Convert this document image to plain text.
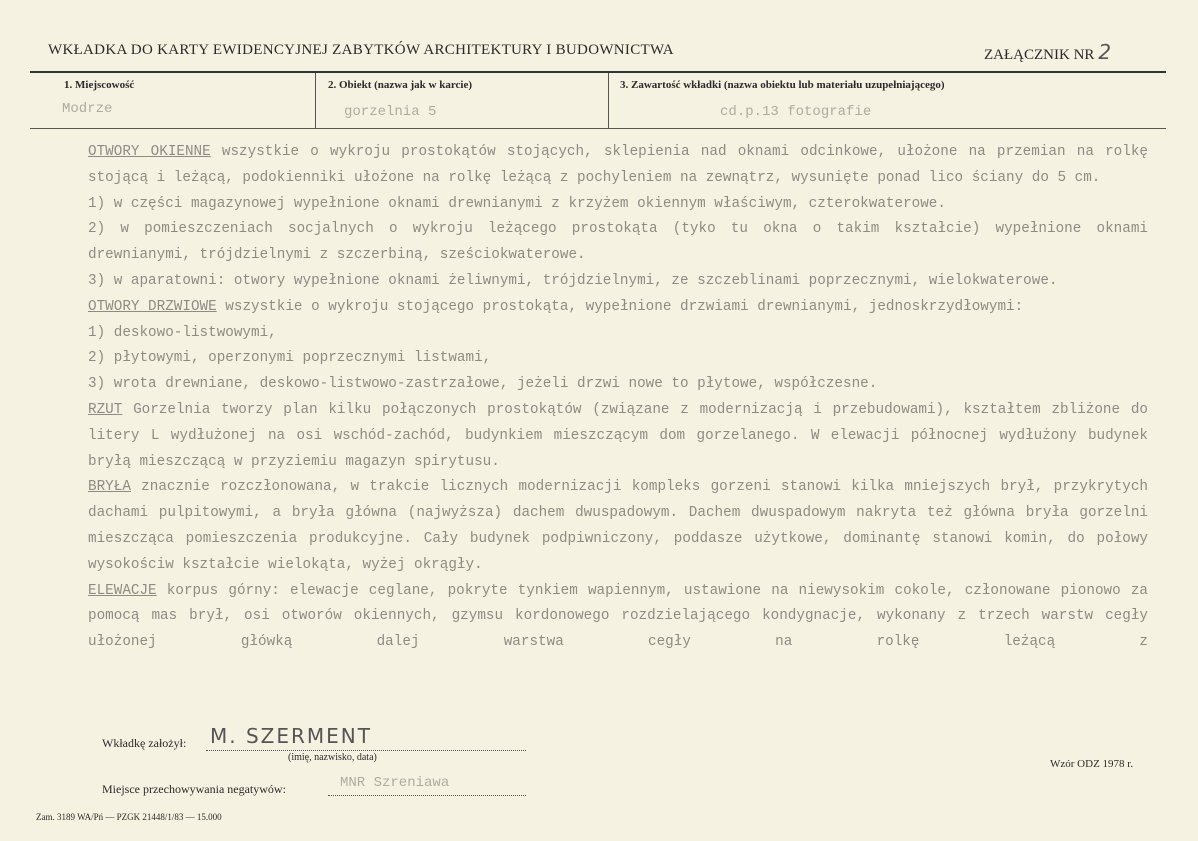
WKŁADKA DO KARTY EWIDENCYJNEJ ZABYTKÓW ARCHITEKTURY I BUDOWNICTWA	ZAŁĄCZNIK NR 2
1. Miejscowość
Modrze
2. Obiekt (nazwa jak w karcie)
gorzelnia 5
3. Zawartość wkładki (nazwa obiektu lub materiału uzupełniającego)
cd.p.13 fotografie
OTWORY OKIENNE wszystkie o wykroju prostokątów stojących, sklepienia nad oknami odcinkowe, ułożone na przemian na rolkę stojącą i leżącą, podokienniki ułożone na rolkę leżącą z pochyleniem na zewnątrz, wysunięte ponad lico ściany do 5 cm.
1) w części magazynowej wypełnione oknami drewnianymi z krzyżem okiennym właściwym, czterokwaterowe.
2) w pomieszczeniach socjalnych o wykroju leżącego prostokąta (tyko tu okna o takim kształcie) wypełnione oknami drewnianymi, trójdzielnymi z szczerbiną, sześciokwaterowe.
3) w aparatowni: otwory wypełnione oknami żeliwnymi, trójdzielnymi, ze szczeblinami poprzecznymi, wielokwaterowe.
OTWORY DRZWIOWE wszystkie o wykroju stojącego prostokąta, wypełnione drzwiami drewnianymi, jednoskrzydłowymi:
1) deskowo-listwowymi,
2) płytowymi, operzonymi poprzecznymi listwami,
3) wrota drewniane, deskowo-listwowo-zastrzałowe, jeżeli drzwi nowe to płytowe, współczesne.
RZUT Gorzelnia tworzy plan kilku połączonych prostokątów (związane z modernizacją i przebudowami), kształtem zbliżone do litery L wydłużonej na osi wschód-zachód, budynkiem mieszczącym dom gorzelanego. W elewacji północnej wydłużony budynek bryłą mieszczącą w przyziemiu magazyn spirytusu.
BRYŁA znacznie rozczłonowana, w trakcie licznych modernizacji kompleks gorzeni stanowi kilka mniejszych brył, przykrytych dachami pulpitowymi, a bryła główna (najwyższa) dachem dwuspadowym. Dachem dwuspadowym nakryta też główna bryła gorzelni mieszcząca pomieszczenia produkcyjne. Cały budynek podpiwniczony, poddasze użytkowe, dominantę stanowi komin, do połowy wysokościw kształcie wielokąta, wyżej okrągły.
ELEWACJE korpus górny: elewacje ceglane, pokryte tynkiem wapiennym, ustawione na niewysokim cokole, członowane pionowo za pomocą mas brył, osi otworów okiennych, gzymsu kordonowego rozdzielającego kondygnacje, wykonany z trzech warstw cegły ułożonej główką dalej warstwa cegły na rolkę leżącą z
Wkładkę założył: M. SZERMENT
(imię, nazwisko, data)
Wzór ODZ 1978 r.
Miejsce przechowywania negatywów:	MNR Szreniawa
Zam. 3189 WA/Pń — PZGK 21448/1/83 — 15.000
